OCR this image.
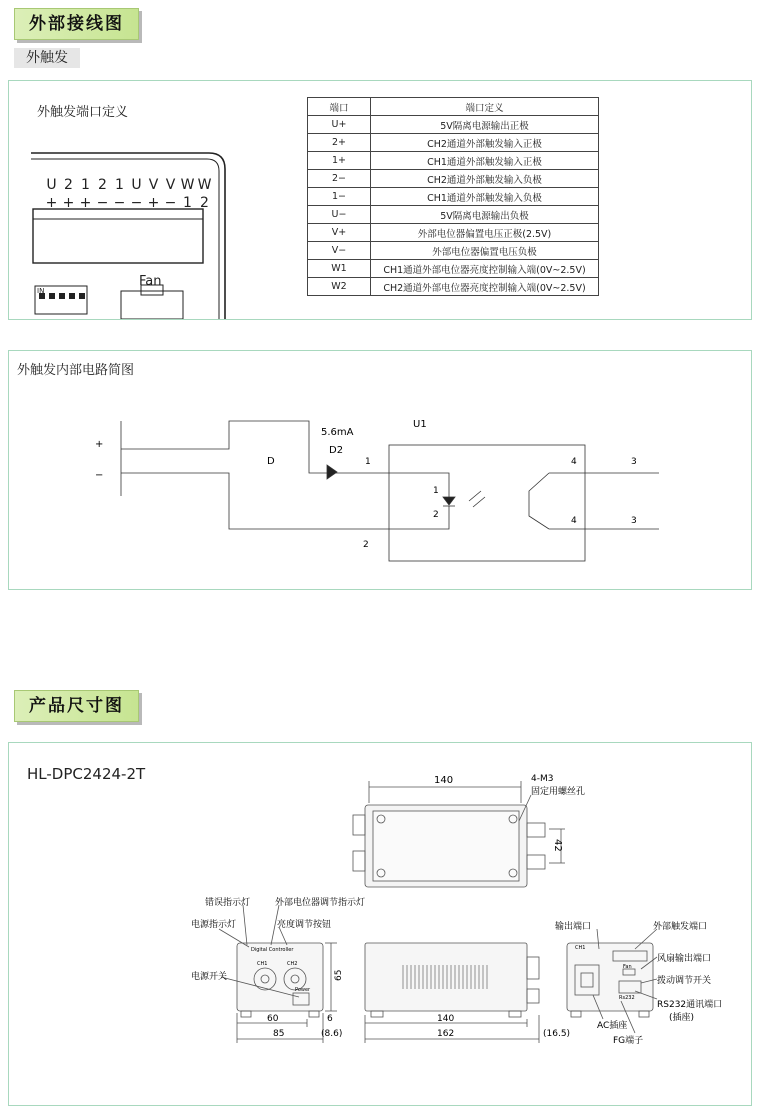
外部接线图
外触发
外触发端口定义
U 2 1 2 1 U V V W W
+ + + − − − + − 1 2
IN
Fan
端口	端口定义
U+	5V隔离电源输出正极
2+	CH2通道外部触发输入正极
1+	CH1通道外部触发输入正极
2−	CH2通道外部触发输入负极
1−	CH1通道外部触发输入负极
U−	5V隔离电源输出负极
V+	外部电位器偏置电压正极(2.5V)
V−	外部电位器偏置电压负极
W1	CH1通道外部电位器亮度控制输入端(0V~2.5V)
W2	CH2通道外部电位器亮度控制输入端(0V~2.5V)
外触发内部电路简图
+
−
D
5.6mA
D2
U1
1	4	3
1
2
4	3
2
产品尺寸图
HL-DPC2424-2T	140
42
4-M3
固定用螺丝孔
Digital Controller
CH1	CH2
Power
错误指示灯	外部电位器调节指示灯
电源指示灯	亮度调节按钮
电源开关
60
85
6
(8.6)
65
140
162	(16.5)
CH1
Fan
Rs232
输出端口	外部触发端口
风扇输出端口
拨动调节开关
RS232通讯端口
(插座)
AC插座
FG端子
